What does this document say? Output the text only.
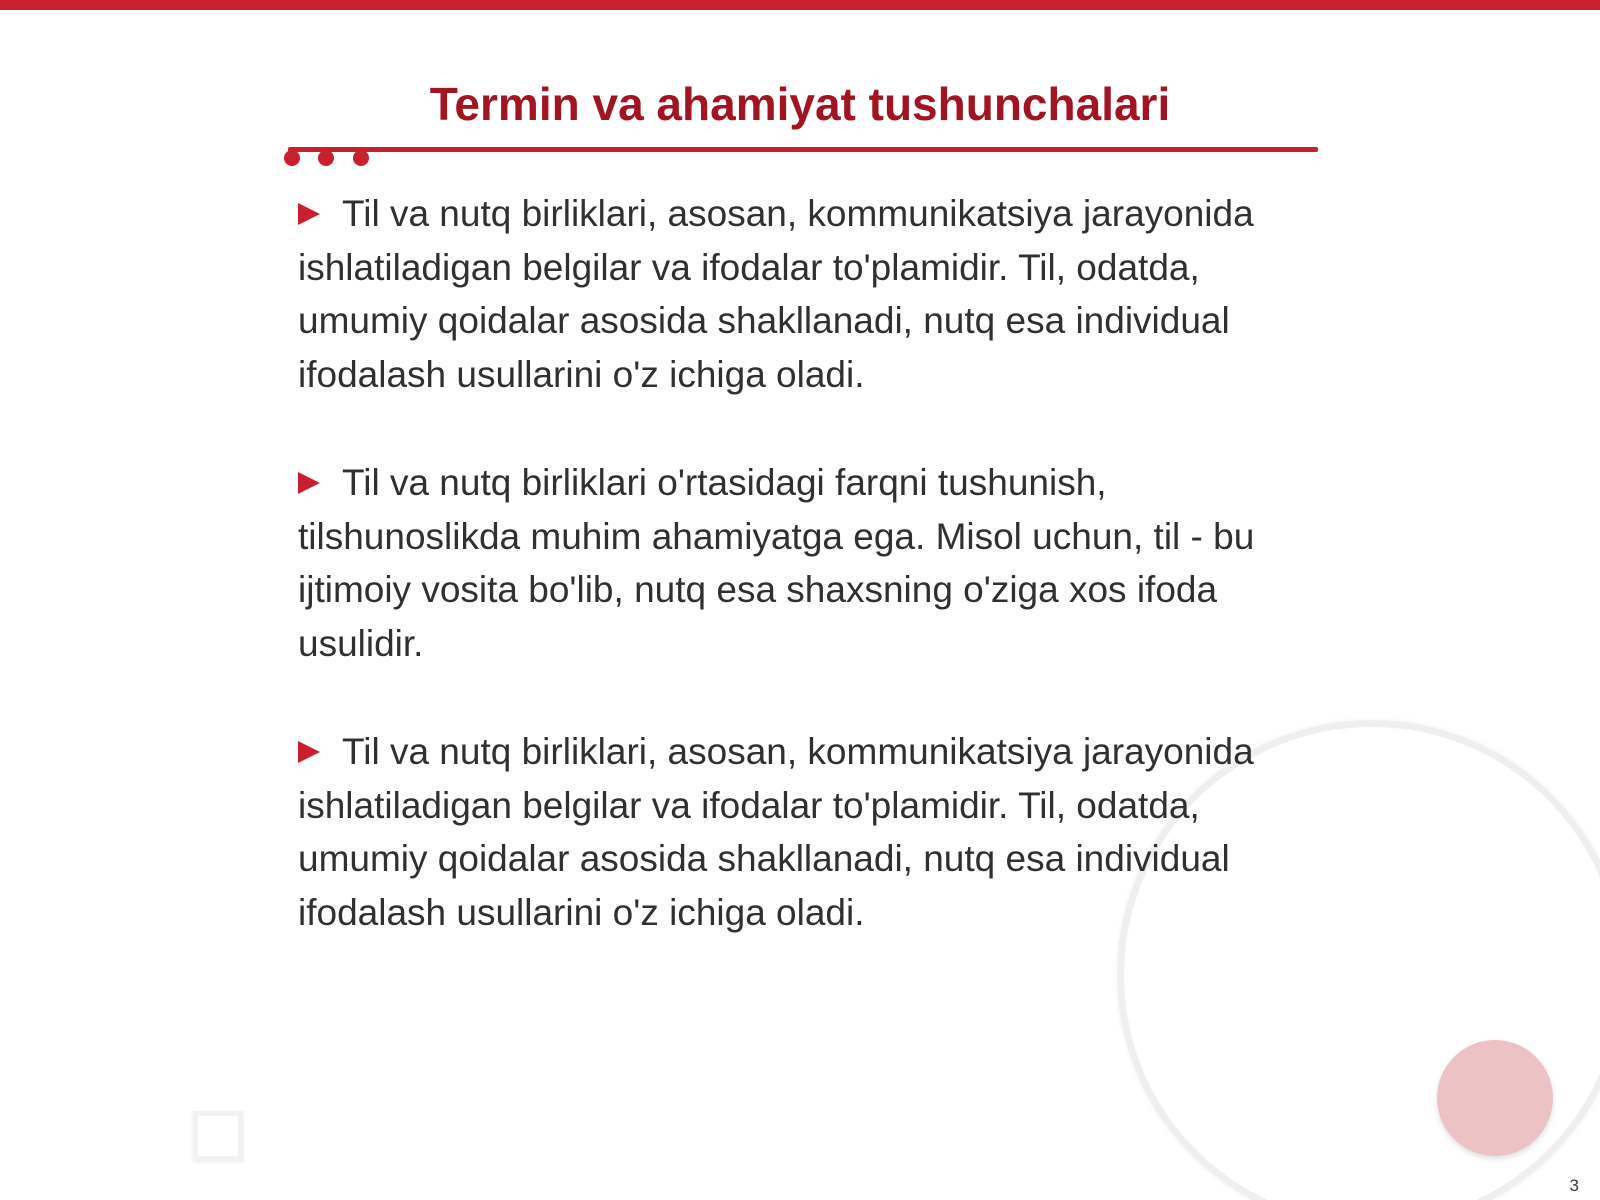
Termin va ahamiyat tushunchalari

Til va nutq birliklari, asosan, kommunikatsiya jarayonida ishlatiladigan belgilar va ifodalar to'plamidir. Til, odatda, umumiy qoidalar asosida shakllanadi, nutq esa individual ifodalash usullarini o'z ichiga oladi.

Til va nutq birliklari o'rtasidagi farqni tushunish, tilshunoslikda muhim ahamiyatga ega. Misol uchun, til - bu ijtimoiy vosita bo'lib, nutq esa shaxsning o'ziga xos ifoda usulidir.

Til va nutq birliklari, asosan, kommunikatsiya jarayonida ishlatiladigan belgilar va ifodalar to'plamidir. Til, odatda, umumiy qoidalar asosida shakllanadi, nutq esa individual ifodalash usullarini o'z ichiga oladi.

3
